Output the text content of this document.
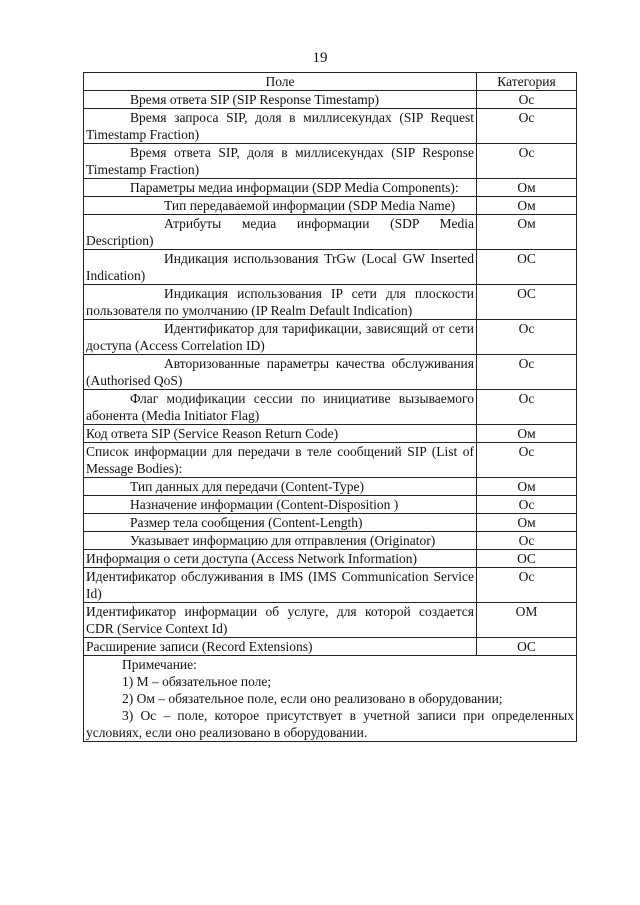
19
Поле	Категория
Время ответа SIP (SIP Response Timestamp)	Oc
Время запроса SIP, доля в миллисекундах (SIP Request Timestamp Fraction)	Oc
Время ответа SIP, доля в миллисекундах (SIP Response Timestamp Fraction)	Oc
Параметры медиа информации (SDP Media Components):	Oм
Тип передаваемой информации (SDP Media Name)	Oм
Атрибуты медиа информации (SDP Media Description)	Oм
Индикация использования TrGw (Local GW Inserted Indication)	OC
Индикация использования IP сети для плоскости пользователя по умолчанию (IP Realm Default Indication)	OC
Идентификатор для тарификации, зависящий от сети доступа (Access Correlation ID)	Oc
Авторизованные параметры качества обслуживания (Authorised QoS)	Oc
Флаг модификации сессии по инициативе вызываемого абонента (Media Initiator Flag)	Oc
Код ответа SIP (Service Reason Return Code)	Oм
Список информации для передачи в теле сообщений SIP (List of Message Bodies):	Oc
Тип данных для передачи (Content-Type)	Oм
Назначение информации (Content-Disposition )	Oc
Размер тела сообщения (Content-Length)	Oм
Указывает информацию для отправления (Originator)	Oc
Информация о сети доступа (Access Network Information)	OC
Идентификатор обслуживания в IMS (IMS Communication Service Id)	Oc
Идентификатор информации об услуге, для которой создается CDR (Service Context Id)	OM
Расширение записи (Record Extensions)	OC

Примечание:
1) М – обязательное поле;
2) Ом – обязательное поле, если оно реализовано в оборудовании;
3) Ос – поле, которое присутствует в учетной записи при определенных условиях, если оно реализовано в оборудовании.	
